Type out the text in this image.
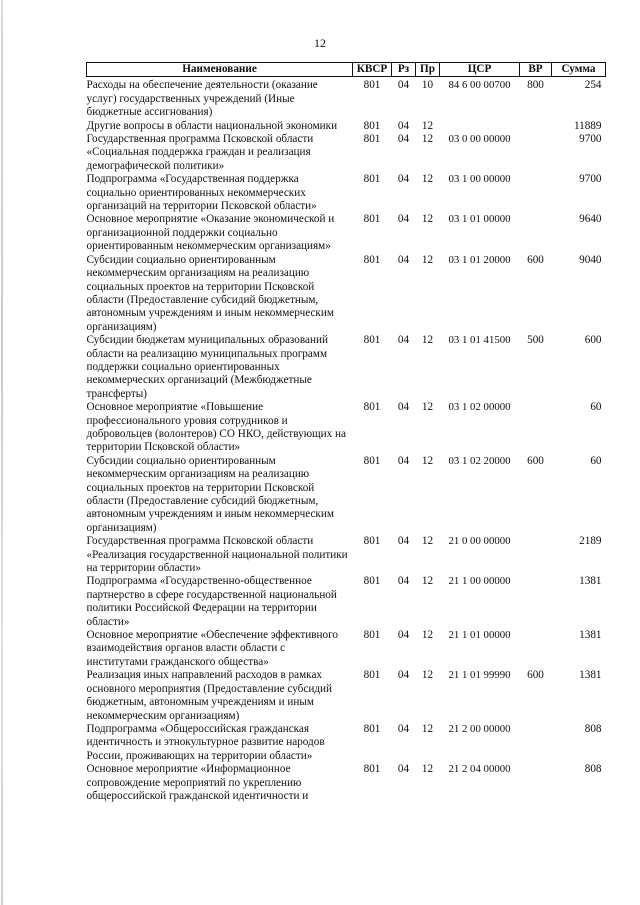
12
Наименование	КВСР	Рз	Пр	ЦСР	ВР	Сумма
Расходы на обеспечение деятельности (оказание услуг) государственных учреждений (Иные бюджетные ассигнования)	801	04	10	84 6 00 00700	800	254
Другие вопросы в области национальной экономики	801	04	12			11889
Государственная программа Псковской области «Социальная поддержка граждан и реализация демографической политики»	801	04	12	03 0 00 00000		9700
Подпрограмма «Государственная поддержка социально ориентированных некоммерческих организаций на территории Псковской области»	801	04	12	03 1 00 00000		9700
Основное мероприятие «Оказание экономической и организационной поддержки социально ориентированным некоммерческим организациям»	801	04	12	03 1 01 00000		9640
Субсидии социально ориентированным некоммерческим организациям на реализацию социальных проектов на территории Псковской области (Предоставление субсидий бюджетным, автономным учреждениям и иным некоммерческим организациям)	801	04	12	03 1 01 20000	600	9040
Субсидии бюджетам муниципальных образований области на реализацию муниципальных программ поддержки социально ориентированных некоммерческих организаций (Межбюджетные трансферты)	801	04	12	03 1 01 41500	500	600
Основное мероприятие «Повышение профессионального уровня сотрудников и добровольцев (волонтеров) СО НКО, действующих на территории Псковской области»	801	04	12	03 1 02 00000		60
Субсидии социально ориентированным некоммерческим организациям на реализацию социальных проектов на территории Псковской области (Предоставление субсидий бюджетным, автономным учреждениям и иным некоммерческим организациям)	801	04	12	03 1 02 20000	600	60
Государственная программа Псковской области «Реализация государственной национальной политики на территории области»	801	04	12	21 0 00 00000		2189
Подпрограмма «Государственно-общественное партнерство в сфере государственной национальной политики Российской Федерации на территории области»	801	04	12	21 1 00 00000		1381
Основное мероприятие «Обеспечение эффективного взаимодействия органов власти области с институтами гражданского общества»	801	04	12	21 1 01 00000		1381
Реализация иных направлений расходов в рамках основного мероприятия (Предоставление субсидий бюджетным, автономным учреждениям и иным некоммерческим организациям)	801	04	12	21 1 01 99990	600	1381
Подпрограмма «Общероссийская гражданская идентичность и этнокультурное развитие народов России, проживающих на территории области»	801	04	12	21 2 00 00000		808
Основное мероприятие «Информационное сопровождение мероприятий по укреплению общероссийской гражданской идентичности и	801	04	12	21 2 04 00000		808
